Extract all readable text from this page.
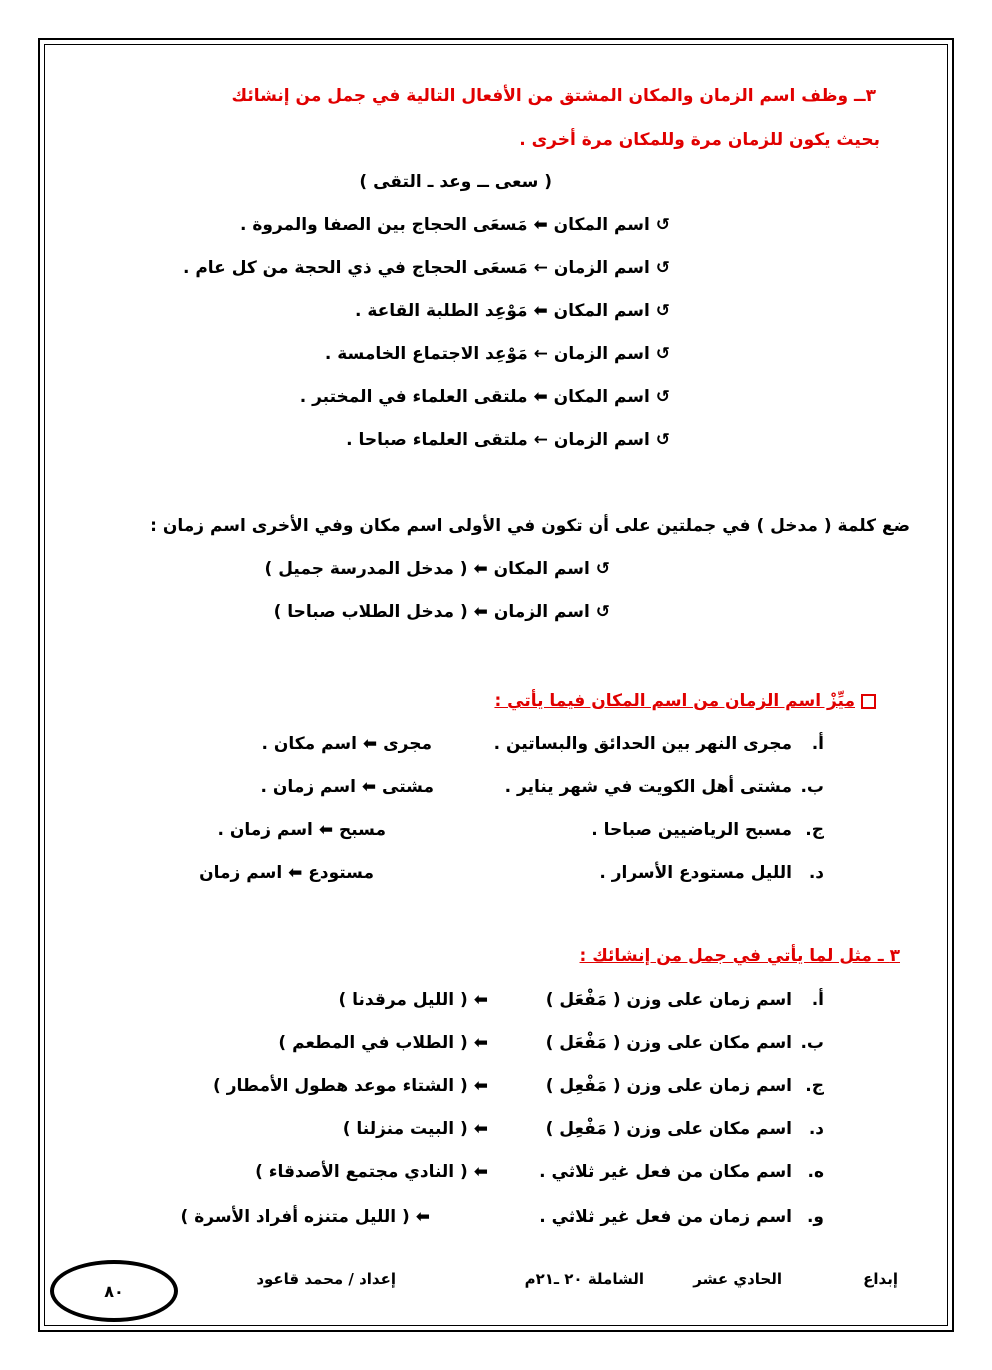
٣ــ وظف اسم الزمان والمكان المشتق من الأفعال التالية في جمل من إنشائك
بحيث يكون للزمان مرة وللمكان مرة أخرى .
( سعى ــ وعد ـ التقى )
↺ اسم المكان ⬅ مَسعَى الحجاج بين الصفا والمروة .
↺ اسم الزمان ← مَسعَى الحجاج في ذي الحجة من كل عام .
↺ اسم المكان ⬅ مَوْعِد الطلبة القاعة .
↺ اسم الزمان ← مَوْعِد الاجتماع الخامسة .
↺ اسم المكان ⬅ ملتقى العلماء في المختبر .
↺ اسم الزمان ← ملتقى العلماء صباحا .
ضع كلمة ( مدخل ) في جملتين على أن تكون في الأولى اسم مكان وفي الأخرى اسم زمان :
↺ اسم المكان ⬅ ( مدخل المدرسة جميل )
↺ اسم الزمان ⬅ ( مدخل الطلاب صباحا )
ميِّزْ اسم الزمان من اسم المكان فيما يأتي :
أ.
مجرى النهر بين الحدائق والبساتين .
مجرى ⬅ اسم مكان .
ب.
مشتى أهل الكويت في شهر يناير .
مشتى ⬅ اسم زمان .
ج.
مسبح الرياضيين صباحا .
مسبح ⬅ اسم زمان .
د.
الليل مستودع الأسرار .
مستودع ⬅ اسم زمان
٣ ـ مثل لما يأتي في جمل من إنشائك :
أ.
اسم زمان على وزن ( مَفْعَل )
⬅ ( الليل مرقدنا )
ب.
اسم مكان على وزن ( مَفْعَل )
⬅ ( الطلاب في المطعم )
ج.
اسم زمان على وزن ( مَفْعِل )
⬅ ( الشتاء موعد هطول الأمطار )
د.
اسم مكان على وزن ( مَفْعِل )
⬅ ( البيت منزلنا )
ه.
اسم مكان من فعل غير ثلاثي .
⬅ ( النادي مجتمع الأصدقاء )
و.
اسم زمان من فعل غير ثلاثي .
⬅ ( الليل متنزه أفراد الأسرة )
إبداع
الحادي عشر
الشاملة ٢٠ ـ٢١م
إعداد / محمد قاعود
٨٠
